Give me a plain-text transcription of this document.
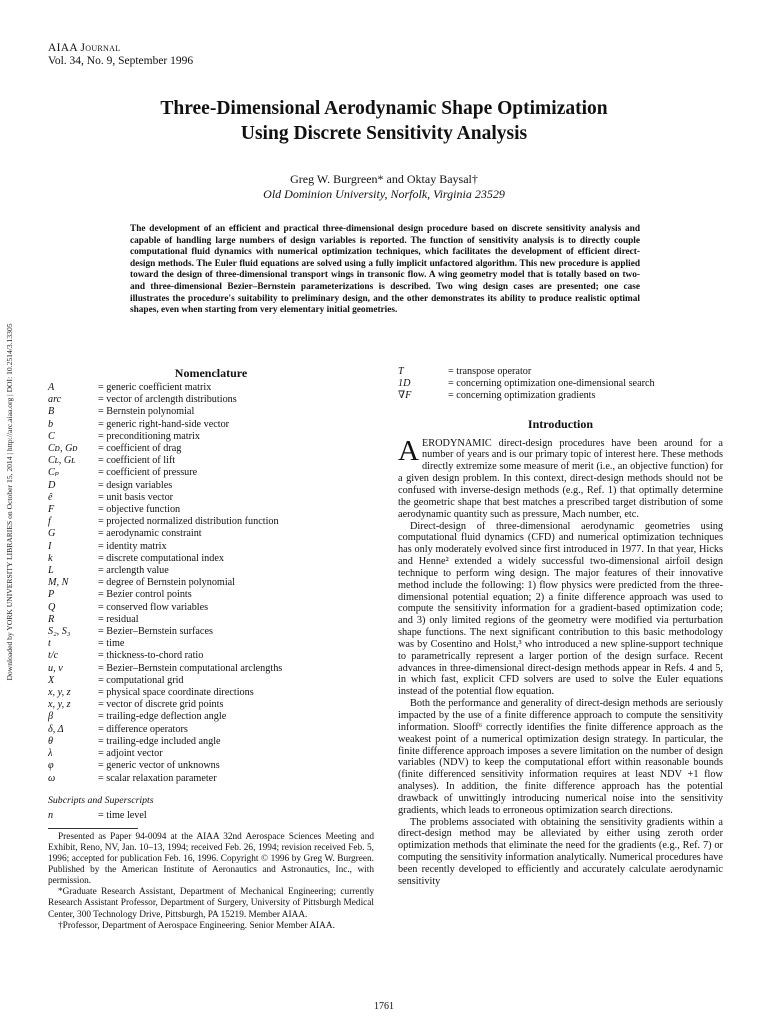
AIAA Journal
Vol. 34, No. 9, September 1996
Downloaded by YORK UNIVERSITY LIBRARIES on October 15, 2014 | http://arc.aiaa.org | DOI: 10.2514/3.13305
Three-Dimensional Aerodynamic Shape Optimization
Using Discrete Sensitivity Analysis
Greg W. Burgreen* and Oktay Baysal†
Old Dominion University, Norfolk, Virginia 23529
The development of an efficient and practical three-dimensional design procedure based on discrete sensitivity analysis and capable of handling large numbers of design variables is reported. The function of sensitivity analysis is to directly couple computational fluid dynamics with numerical optimization techniques, which facilitates the development of efficient direct-design methods. The Euler fluid equations are solved using a fully implicit unfactored algorithm. This new procedure is applied toward the design of three-dimensional transport wings in transonic flow. A wing geometry model that is totally based on two- and three-dimensional Bezier–Bernstein parameterizations is described. Two wing design cases are presented; one case illustrates the procedure's suitability to preliminary design, and the other demonstrates its ability to produce realistic optimal shapes, even when starting from very elementary initial geometries.
Nomenclature
A	= generic coefficient matrix
arc	= vector of arclength distributions
B	= Bernstein polynomial
b	= generic right-hand-side vector
C	= preconditioning matrix
Cᴅ, Gᴅ	= coefficient of drag
Cʟ, Gʟ	= coefficient of lift
Cₚ	= coefficient of pressure
D	= design variables
ê	= unit basis vector
F	= objective function
f	= projected normalized distribution function
G	= aerodynamic constraint
I	= identity matrix
k	= discrete computational index
L	= arclength value
M, N	= degree of Bernstein polynomial
P	= Bezier control points
Q	= conserved flow variables
R	= residual
S₂, S₃	= Bezier–Bernstein surfaces
t	= time
t/c	= thickness-to-chord ratio
u, v	= Bezier–Bernstein computational arclengths
X	= computational grid
x, y, z	= physical space coordinate directions
x, y, z	= vector of discrete grid points
β	= trailing-edge deflection angle
δ, Δ	= difference operators
θ	= trailing-edge included angle
λ	= adjoint vector
φ	= generic vector of unknowns
ω	= scalar relaxation parameter
Subcripts and Superscripts
n	= time level

Presented as Paper 94-0094 at the AIAA 32nd Aerospace Sciences Meeting and Exhibit, Reno, NV, Jan. 10–13, 1994; received Feb. 26, 1994; revision received Feb. 5, 1996; accepted for publication Feb. 16, 1996. Copyright © 1996 by Greg W. Burgreen. Published by the American Institute of Aeronautics and Astronautics, Inc., with permission.

*Graduate Research Assistant, Department of Mechanical Engineering; currently Research Assistant Professor, Department of Surgery, University of Pittsburgh Medical Center, 300 Technology Drive, Pittsburgh, PA 15219. Member AIAA.

†Professor, Department of Aerospace Engineering. Senior Member AIAA.

T	= transpose operator
1D	= concerning optimization one-dimensional search
∇F	= concerning optimization gradients
Introduction

AERODYNAMIC direct-design procedures have been around for a number of years and is our primary topic of interest here. These methods directly extremize some measure of merit (i.e., an objective function) for a given design problem. In this context, direct-design methods should not be confused with inverse-design methods (e.g., Ref. 1) that optimally determine the geometric shape that best matches a prescribed target distribution of some aerodynamic quantity such as pressure, Mach number, etc.

Direct-design of three-dimensional aerodynamic geometries using computational fluid dynamics (CFD) and numerical optimization techniques has only moderately evolved since first introduced in 1977. In that year, Hicks and Henne² extended a widely successful two-dimensional airfoil design technique to perform wing design. The major features of their innovative method include the following: 1) flow physics were predicted from the three-dimensional potential equation; 2) a finite difference approach was used to compute the sensitivity information for a gradient-based optimization code; and 3) only limited regions of the geometry were modified via perturbation shape functions. The next significant contribution to this basic methodology was by Cosentino and Holst,³ who introduced a new spline-support technique to parametrically represent a larger portion of the design surface. Recent advances in three-dimensional direct-design methods appear in Refs. 4 and 5, in which fast, explicit CFD solvers are used to solve the Euler equations instead of the potential flow equation.

Both the performance and generality of direct-design methods are seriously impacted by the use of a finite difference approach to compute the sensitivity information. Slooff⁶ correctly identifies the finite difference approach as the weakest point of a numerical optimization design strategy. In particular, the finite difference approach imposes a severe limitation on the number of design variables (NDV) to keep the computational effort within reasonable bounds (finite differenced sensitivity information requires at least NDV +1 flow analyses). In addition, the finite difference approach has the potential drawback of unwittingly introducing numerical noise into the sensitivity gradients, which leads to erroneous optimization search directions.

The problems associated with obtaining the sensitivity gradients within a direct-design method may be alleviated by either using zeroth order optimization methods that eliminate the need for the gradients (e.g., Ref. 7) or computing the sensitivity information analytically. Numerical procedures have been recently developed to efficiently and accurately calculate aerodynamic sensitivity

1761
